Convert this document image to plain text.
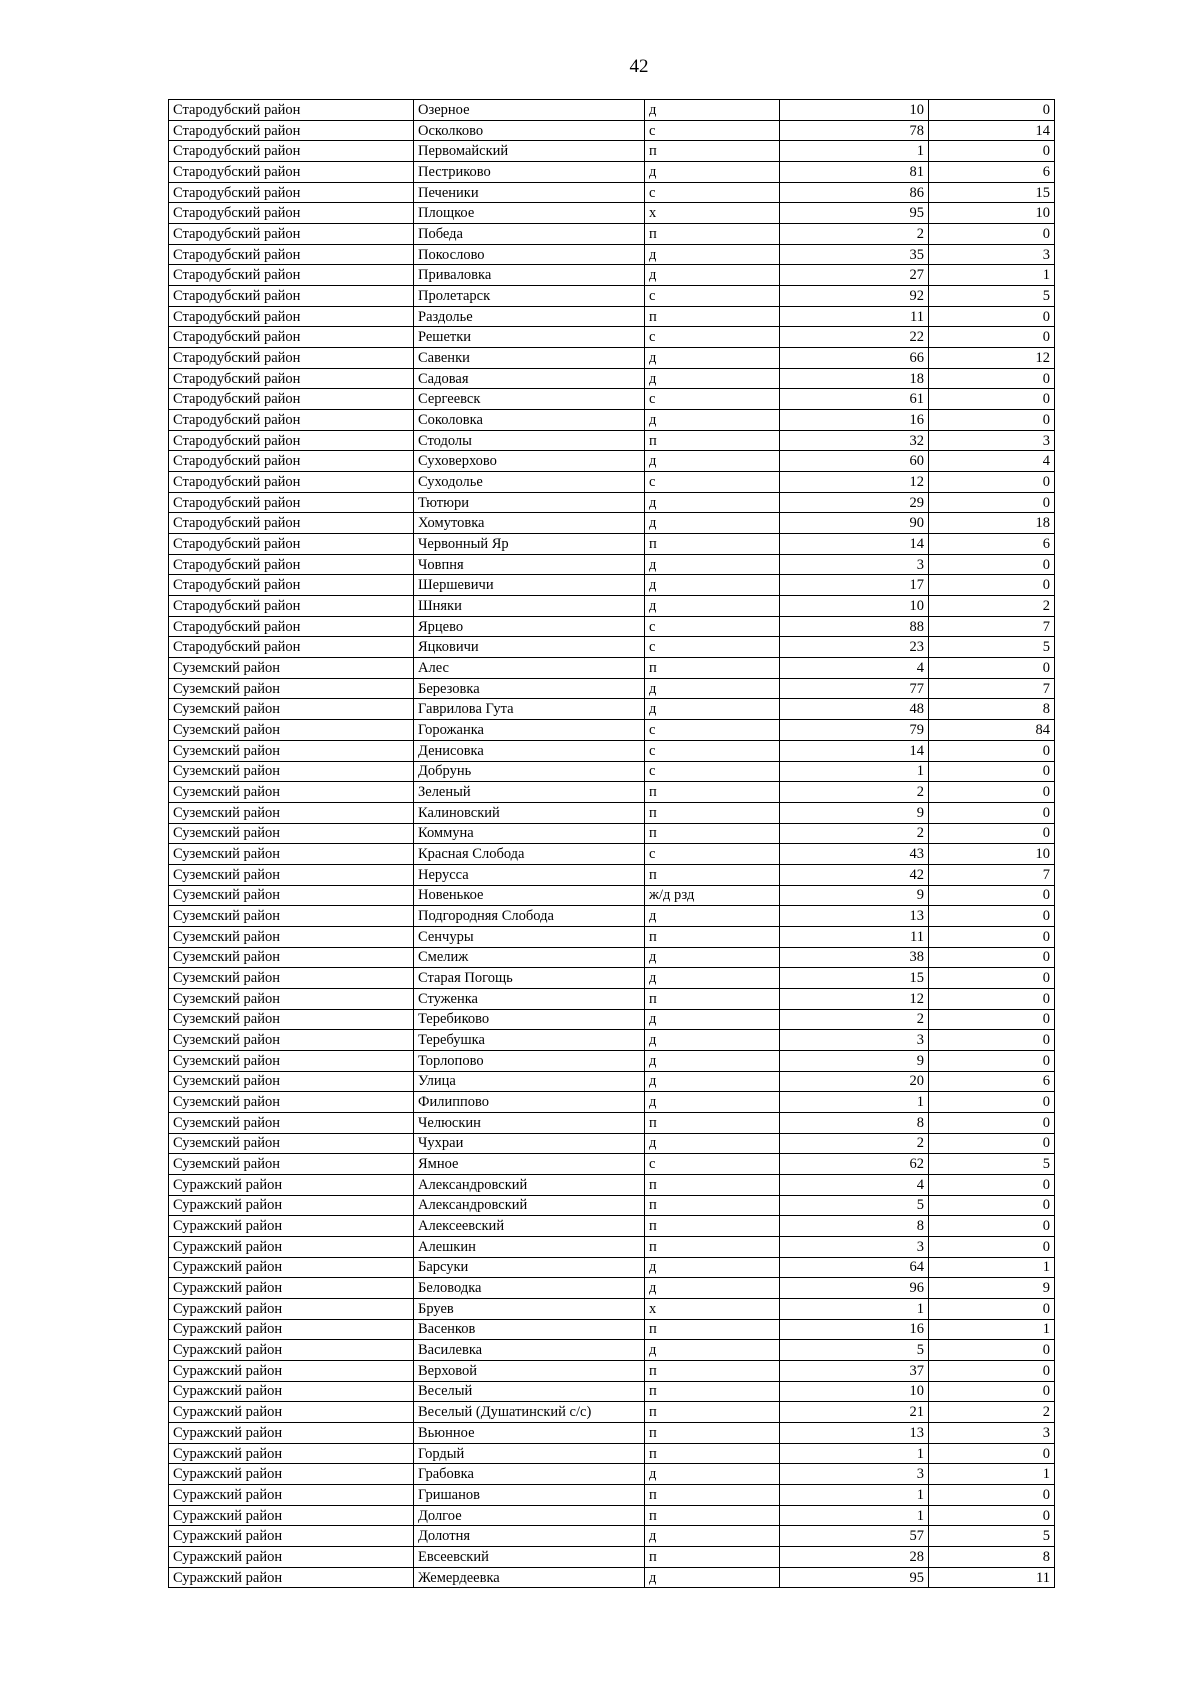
42
Стародубский район	Озерное	д	10	0
Стародубский район	Осколково	с	78	14
Стародубский район	Первомайский	п	1	0
Стародубский район	Пестриково	д	81	6
Стародубский район	Печеники	с	86	15
Стародубский район	Площкое	х	95	10
Стародубский район	Победа	п	2	0
Стародубский район	Покослово	д	35	3
Стародубский район	Приваловка	д	27	1
Стародубский район	Пролетарск	с	92	5
Стародубский район	Раздолье	п	11	0
Стародубский район	Решетки	с	22	0
Стародубский район	Савенки	д	66	12
Стародубский район	Садовая	д	18	0
Стародубский район	Сергеевск	с	61	0
Стародубский район	Соколовка	д	16	0
Стародубский район	Стодолы	п	32	3
Стародубский район	Суховерхово	д	60	4
Стародубский район	Суходолье	с	12	0
Стародубский район	Тютюри	д	29	0
Стародубский район	Хомутовка	д	90	18
Стародубский район	Червонный Яр	п	14	6
Стародубский район	Човпня	д	3	0
Стародубский район	Шершевичи	д	17	0
Стародубский район	Шняки	д	10	2
Стародубский район	Ярцево	с	88	7
Стародубский район	Яцковичи	с	23	5
Суземский район	Алес	п	4	0
Суземский район	Березовка	д	77	7
Суземский район	Гаврилова Гута	д	48	8
Суземский район	Горожанка	с	79	84
Суземский район	Денисовка	с	14	0
Суземский район	Добрунь	с	1	0
Суземский район	Зеленый	п	2	0
Суземский район	Калиновский	п	9	0
Суземский район	Коммуна	п	2	0
Суземский район	Красная Слобода	с	43	10
Суземский район	Нерусса	п	42	7
Суземский район	Новенькое	ж/д рзд	9	0
Суземский район	Подгородняя Слобода	д	13	0
Суземский район	Сенчуры	п	11	0
Суземский район	Смелиж	д	38	0
Суземский район	Старая Погощь	д	15	0
Суземский район	Стуженка	п	12	0
Суземский район	Теребиково	д	2	0
Суземский район	Теребушка	д	3	0
Суземский район	Торлопово	д	9	0
Суземский район	Улица	д	20	6
Суземский район	Филиппово	д	1	0
Суземский район	Челюскин	п	8	0
Суземский район	Чухраи	д	2	0
Суземский район	Ямное	с	62	5
Суражский район	Александровский	п	4	0
Суражский район	Александровский	п	5	0
Суражский район	Алексеевский	п	8	0
Суражский район	Алешкин	п	3	0
Суражский район	Барсуки	д	64	1
Суражский район	Беловодка	д	96	9
Суражский район	Бруев	х	1	0
Суражский район	Васенков	п	16	1
Суражский район	Василевка	д	5	0
Суражский район	Верховой	п	37	0
Суражский район	Веселый	п	10	0
Суражский район	Веселый (Душатинский с/с)	п	21	2
Суражский район	Вьюнное	п	13	3
Суражский район	Гордый	п	1	0
Суражский район	Грабовка	д	3	1
Суражский район	Гришанов	п	1	0
Суражский район	Долгое	п	1	0
Суражский район	Долотня	д	57	5
Суражский район	Евсеевский	п	28	8
Суражский район	Жемердеевка	д	95	11
